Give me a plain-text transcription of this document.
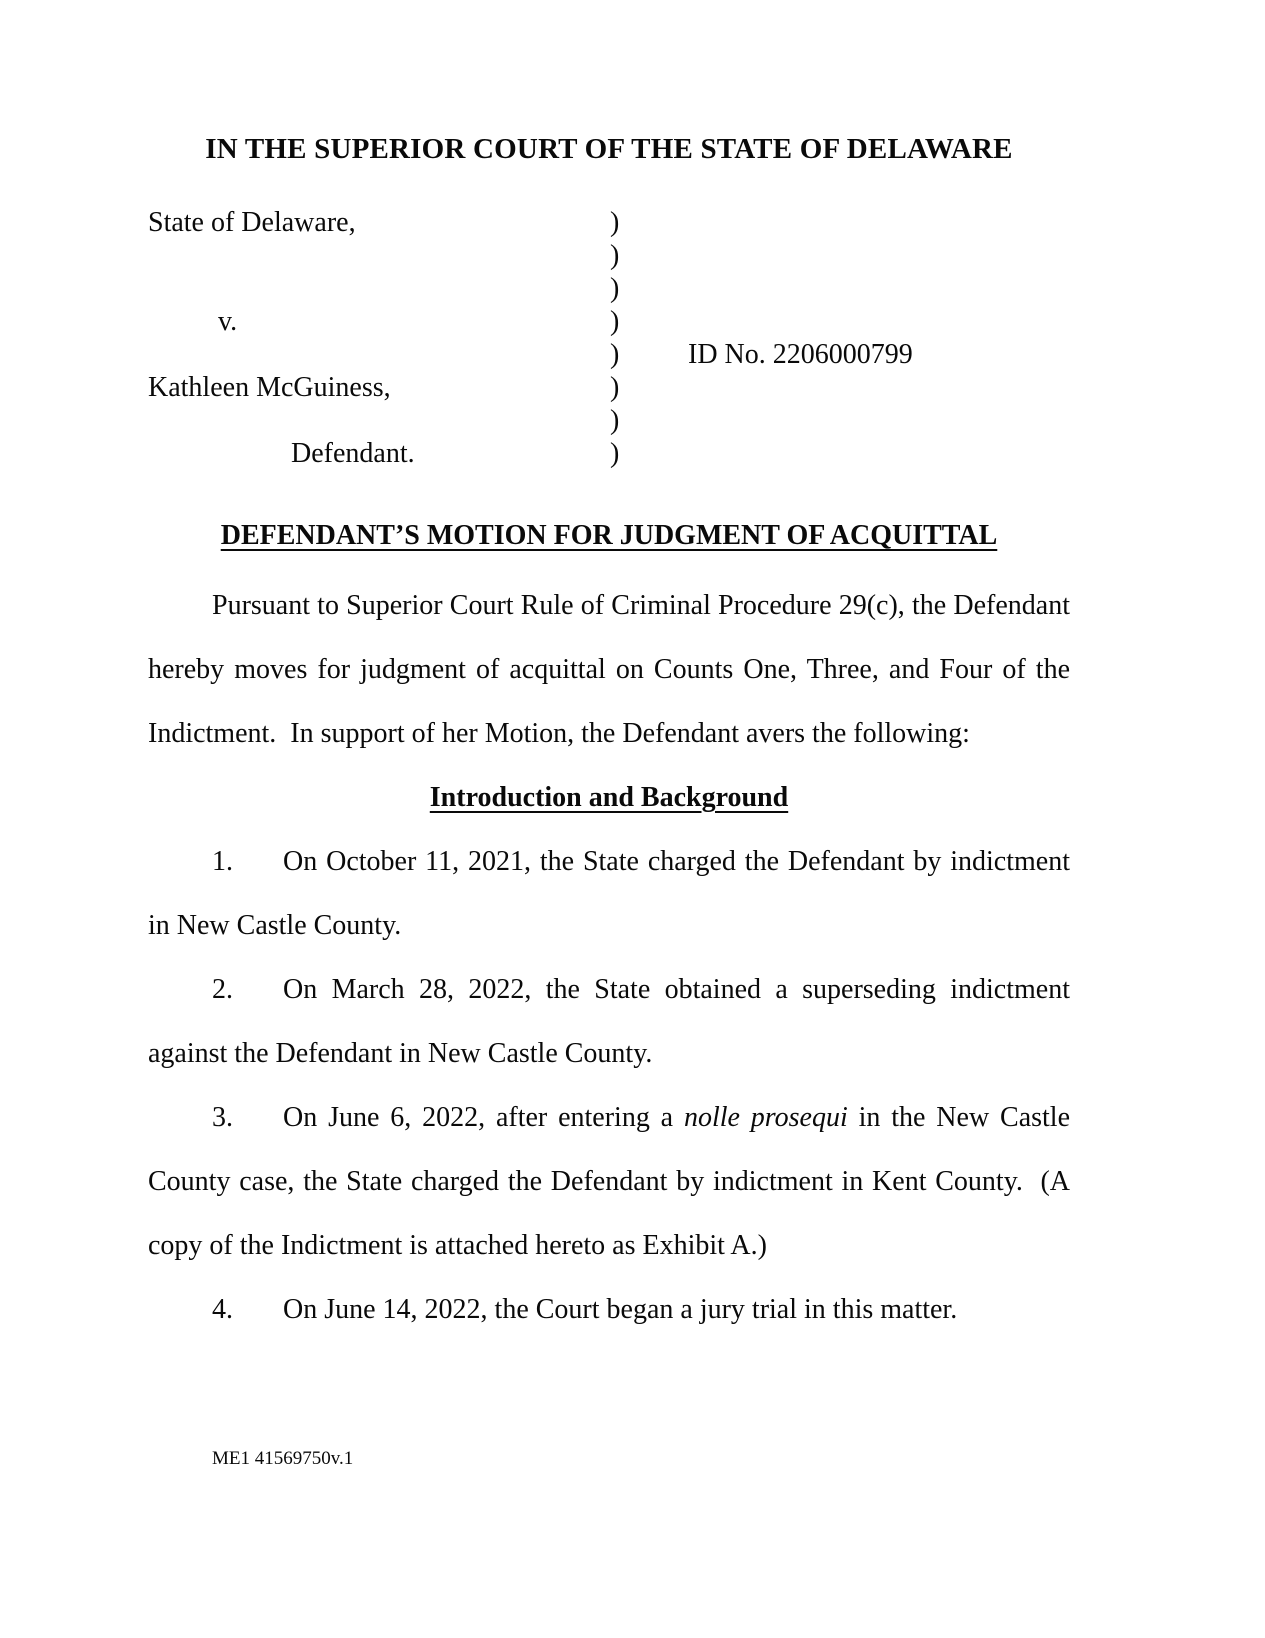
IN THE SUPERIOR COURT OF THE STATE OF DELAWARE
State of Delaware,
v.
Kathleen McGuiness,
Defendant.
)
)
)
)
)
)
)
)
ID No. 2206000799
DEFENDANT’S MOTION FOR JUDGMENT OF ACQUITTAL

Pursuant to Superior Court Rule of Criminal Procedure 29(c), the Defendant hereby moves for judgment of acquittal on Counts One, Three, and Four of the Indictment.  In support of her Motion, the Defendant avers the following:

Introduction and Background

1. On October 11, 2021, the State charged the Defendant by indictment in New Castle County.

2. On March 28, 2022, the State obtained a superseding indictment against the Defendant in New Castle County.

3. On June 6, 2022, after entering a nolle prosequi in the New Castle County case, the State charged the Defendant by indictment in Kent County.  (A copy of the Indictment is attached hereto as Exhibit A.)

4. On June 14, 2022, the Court began a jury trial in this matter.

ME1 41569750v.1
